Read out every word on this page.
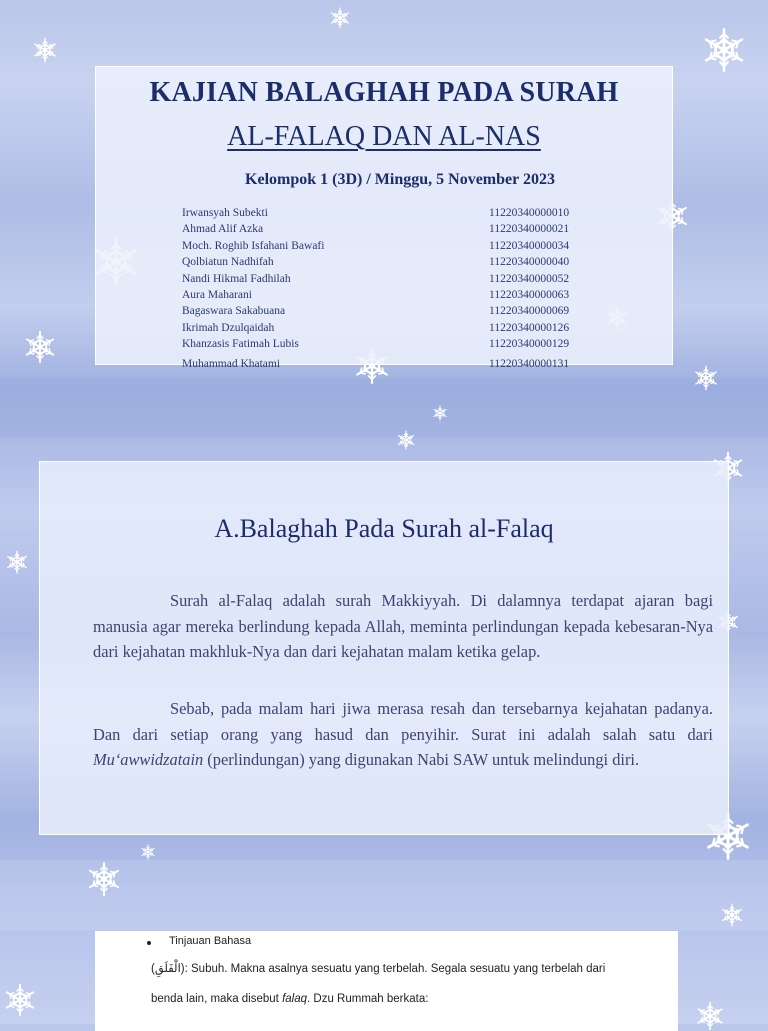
KAJIAN BALAGHAH PADA SURAH
AL-FALAQ DAN AL-NAS
Kelompok 1 (3D) / Minggu, 5 November 2023
Irwansyah Subekti	11220340000010
Ahmad Alif Azka	11220340000021
Moch. Roghib Isfahani Bawafi	11220340000034
Qolbiatun Nadhifah	11220340000040
Nandi Hikmal Fadhilah	11220340000052
Aura Maharani	11220340000063
Bagaswara Sakabuana	11220340000069
Ikrimah Dzulqaidah	11220340000126
Khanzasis Fatimah Lubis	11220340000129
Muhammad Khatami	11220340000131
A.Balaghah Pada Surah al-Falaq
Surah al-Falaq adalah surah Makkiyyah. Di dalamnya terdapat ajaran bagi manusia agar mereka berlindung kepada Allah, meminta perlindungan kepada kebesaran-Nya dari kejahatan makhluk-Nya dan dari kejahatan malam ketika gelap.
Sebab, pada malam hari jiwa merasa resah dan tersebarnya kejahatan padanya. Dan dari setiap orang yang hasud dan penyihir. Surat ini adalah salah satu dari Mu‘awwidzatain (perlindungan) yang digunakan Nabi SAW untuk melindungi diri.
Tinjauan Bahasa
(الْفَلَقِ): Subuh. Makna asalnya sesuatu yang terbelah. Segala sesuatu yang terbelah dari
benda lain, maka disebut falaq. Dzu Rummah berkata:
